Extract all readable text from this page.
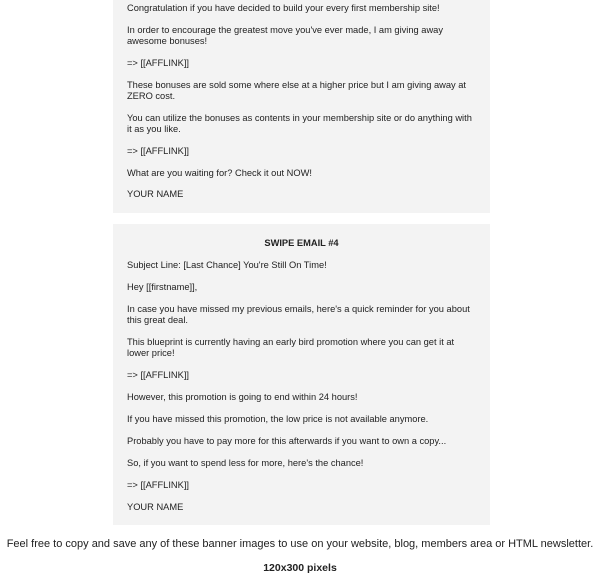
Congratulation if you have decided to build your every first membership site!

In order to encourage the greatest move you've ever made, I am giving away awesome bonuses!

=> [[AFFLINK]]

These bonuses are sold some where else at a higher price but I am giving away at ZERO cost.

You can utilize the bonuses as contents in your membership site or do anything with it as you like.

=> [[AFFLINK]]

What are you waiting for? Check it out NOW!

YOUR NAME

SWIPE EMAIL #4

Subject Line: [Last Chance] You're Still On Time!

Hey [[firstname]],

In case you have missed my previous emails, here's a quick reminder for you about this great deal.

This blueprint is currently having an early bird promotion where you can get it at lower price!

=> [[AFFLINK]]

However, this promotion is going to end within 24 hours!

If you have missed this promotion, the low price is not available anymore.

Probably you have to pay more for this afterwards if you want to own a copy...

So, if you want to spend less for more, here's the chance!

=> [[AFFLINK]]

YOUR NAME

Feel free to copy and save any of these banner images to use on your website, blog, members area or HTML newsletter.

120x300 pixels
